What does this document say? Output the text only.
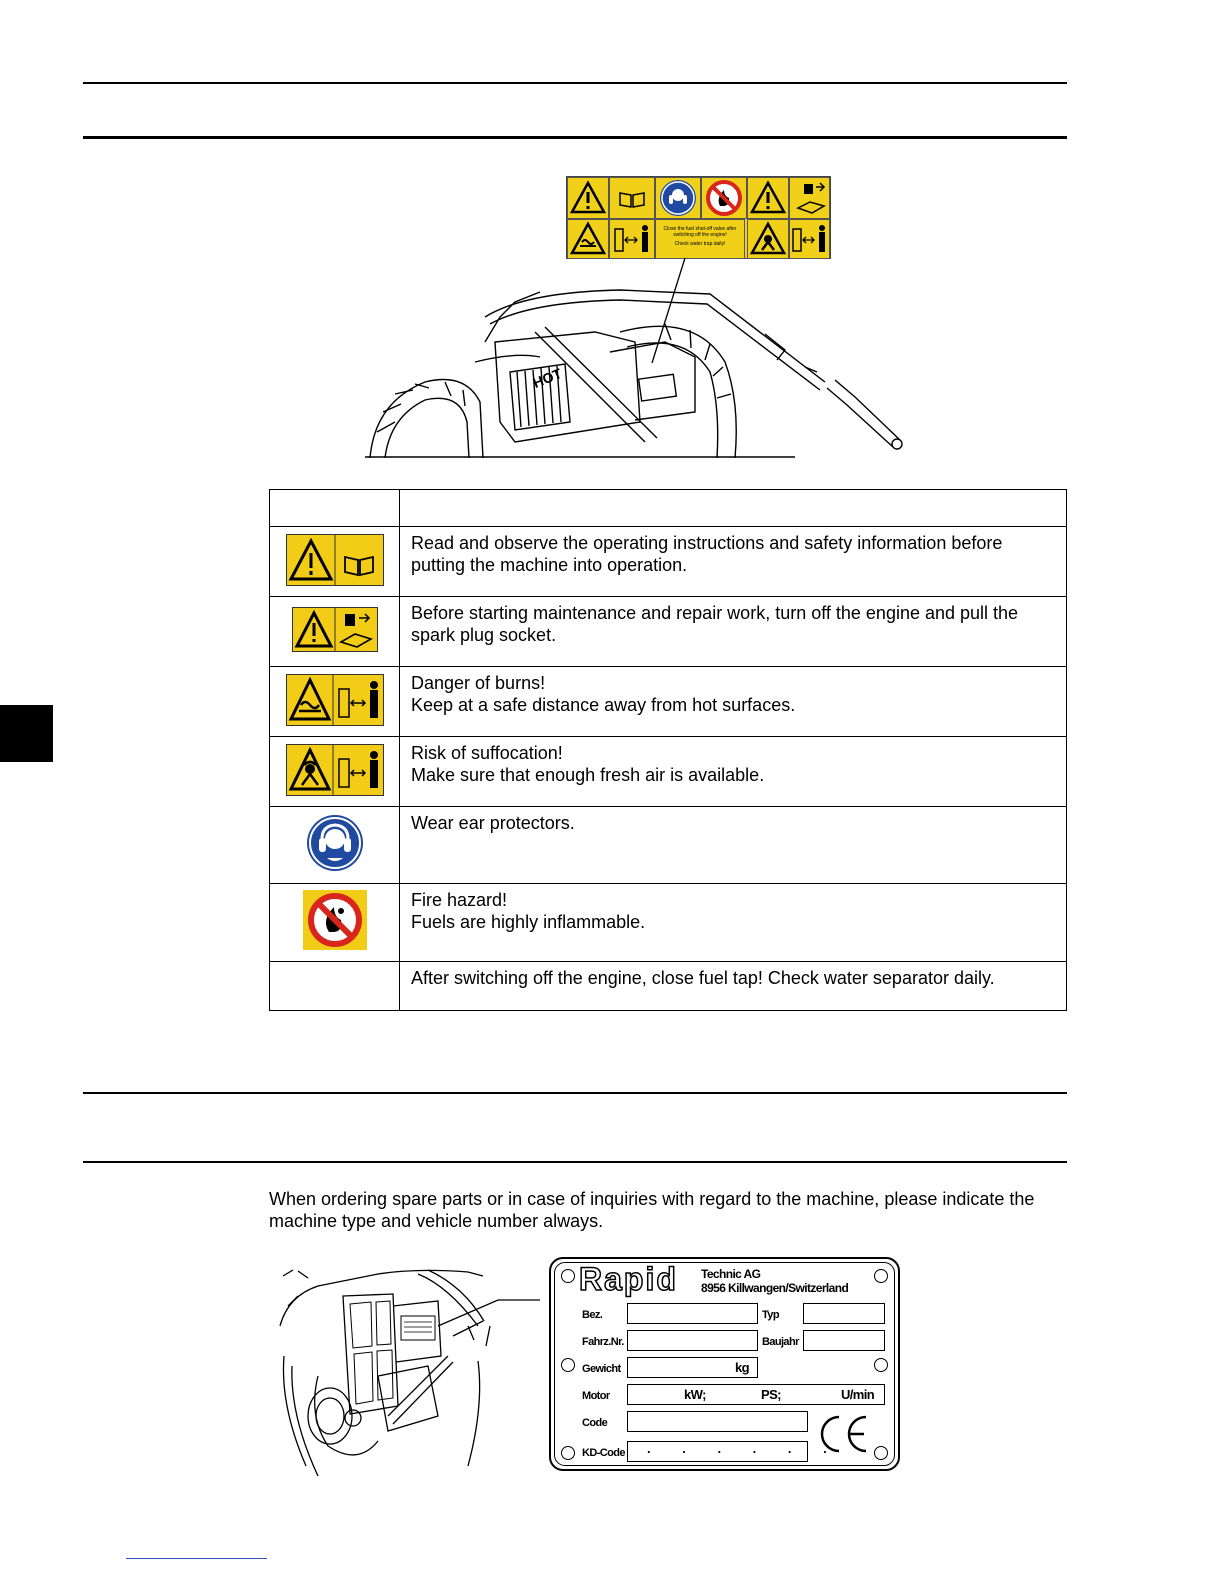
Close the fuel shut-off valve after
switching off the engine!
Check water trap daily!
HOT

	Read and observe the operating instructions and safety information before putting the machine into operation.
	Before starting maintenance and repair work, turn off the engine and pull the spark plug socket.

Danger of burns!
Keep at a safe distance away from hot surfaces.

Risk of suffocation!
Make sure that enough fresh air is available.

	Wear ear protectors.

Fire hazard!
Fuels are highly inflammable.

	After switching off the engine, close fuel tap! Check water separator daily.
When ordering spare parts or in case of inquiries with regard to the machine, please indicate the machine type and vehicle number always.
Rapid Technic AG
8956 Killwangen/Switzerland
Bez.	Typ
Fahrz.Nr.	Baujahr
Gewicht	kg
Motor	kW;	PS;	U/min
Code
KD-Code . . . . . .
